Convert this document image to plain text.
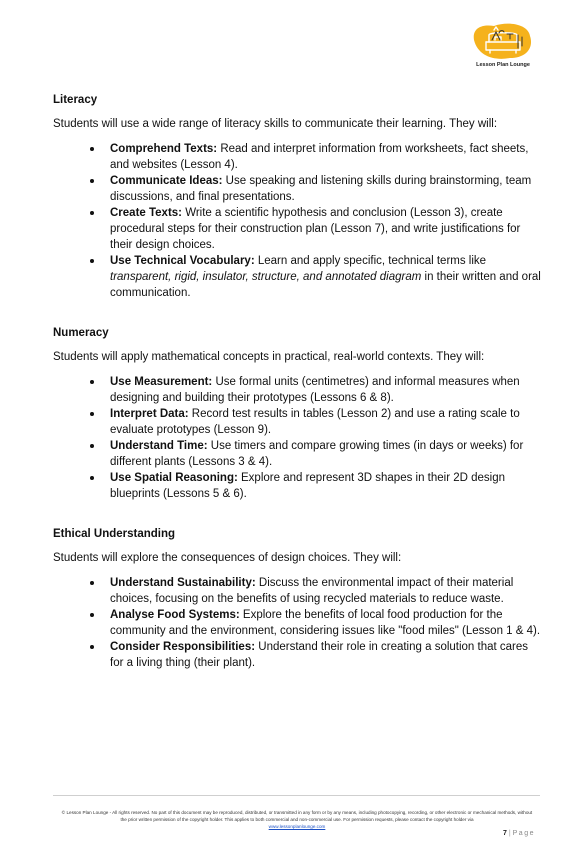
Lesson Plan Lounge
Literacy

Students will use a wide range of literacy skills to communicate their learning. They will:

Comprehend Texts: Read and interpret information from worksheets, fact sheets, and websites (Lesson 4).
Communicate Ideas: Use speaking and listening skills during brainstorming, team discussions, and final presentations.
Create Texts: Write a scientific hypothesis and conclusion (Lesson 3), create procedural steps for their construction plan (Lesson 7), and write justifications for their design choices.
Use Technical Vocabulary: Learn and apply specific, technical terms like transparent, rigid, insulator, structure, and annotated diagram in their written and oral communication.
Numeracy

Students will apply mathematical concepts in practical, real-world contexts. They will:

Use Measurement: Use formal units (centimetres) and informal measures when designing and building their prototypes (Lessons 6 & 8).
Interpret Data: Record test results in tables (Lesson 2) and use a rating scale to evaluate prototypes (Lesson 9).
Understand Time: Use timers and compare growing times (in days or weeks) for different plants (Lessons 3 & 4).
Use Spatial Reasoning: Explore and represent 3D shapes in their 2D design blueprints (Lessons 5 & 6).
Ethical Understanding

Students will explore the consequences of design choices. They will:

Understand Sustainability: Discuss the environmental impact of their material choices, focusing on the benefits of using recycled materials to reduce waste.
Analyse Food Systems: Explore the benefits of local food production for the community and the environment, considering issues like "food miles" (Lesson 1 & 4).
Consider Responsibilities: Understand their role in creating a solution that cares for a living thing (their plant).
© Lesson Plan Lounge - All rights reserved. No part of this document may be reproduced, distributed, or transmitted in any form or by any means, including photocopying, recording, or other electronic or mechanical methods, without the prior written permission of the copyright holder. This applies to both commercial and non-commercial use. For permission requests, please contact the copyright holder via
www.lessonplanlounge.com
7 | Page
